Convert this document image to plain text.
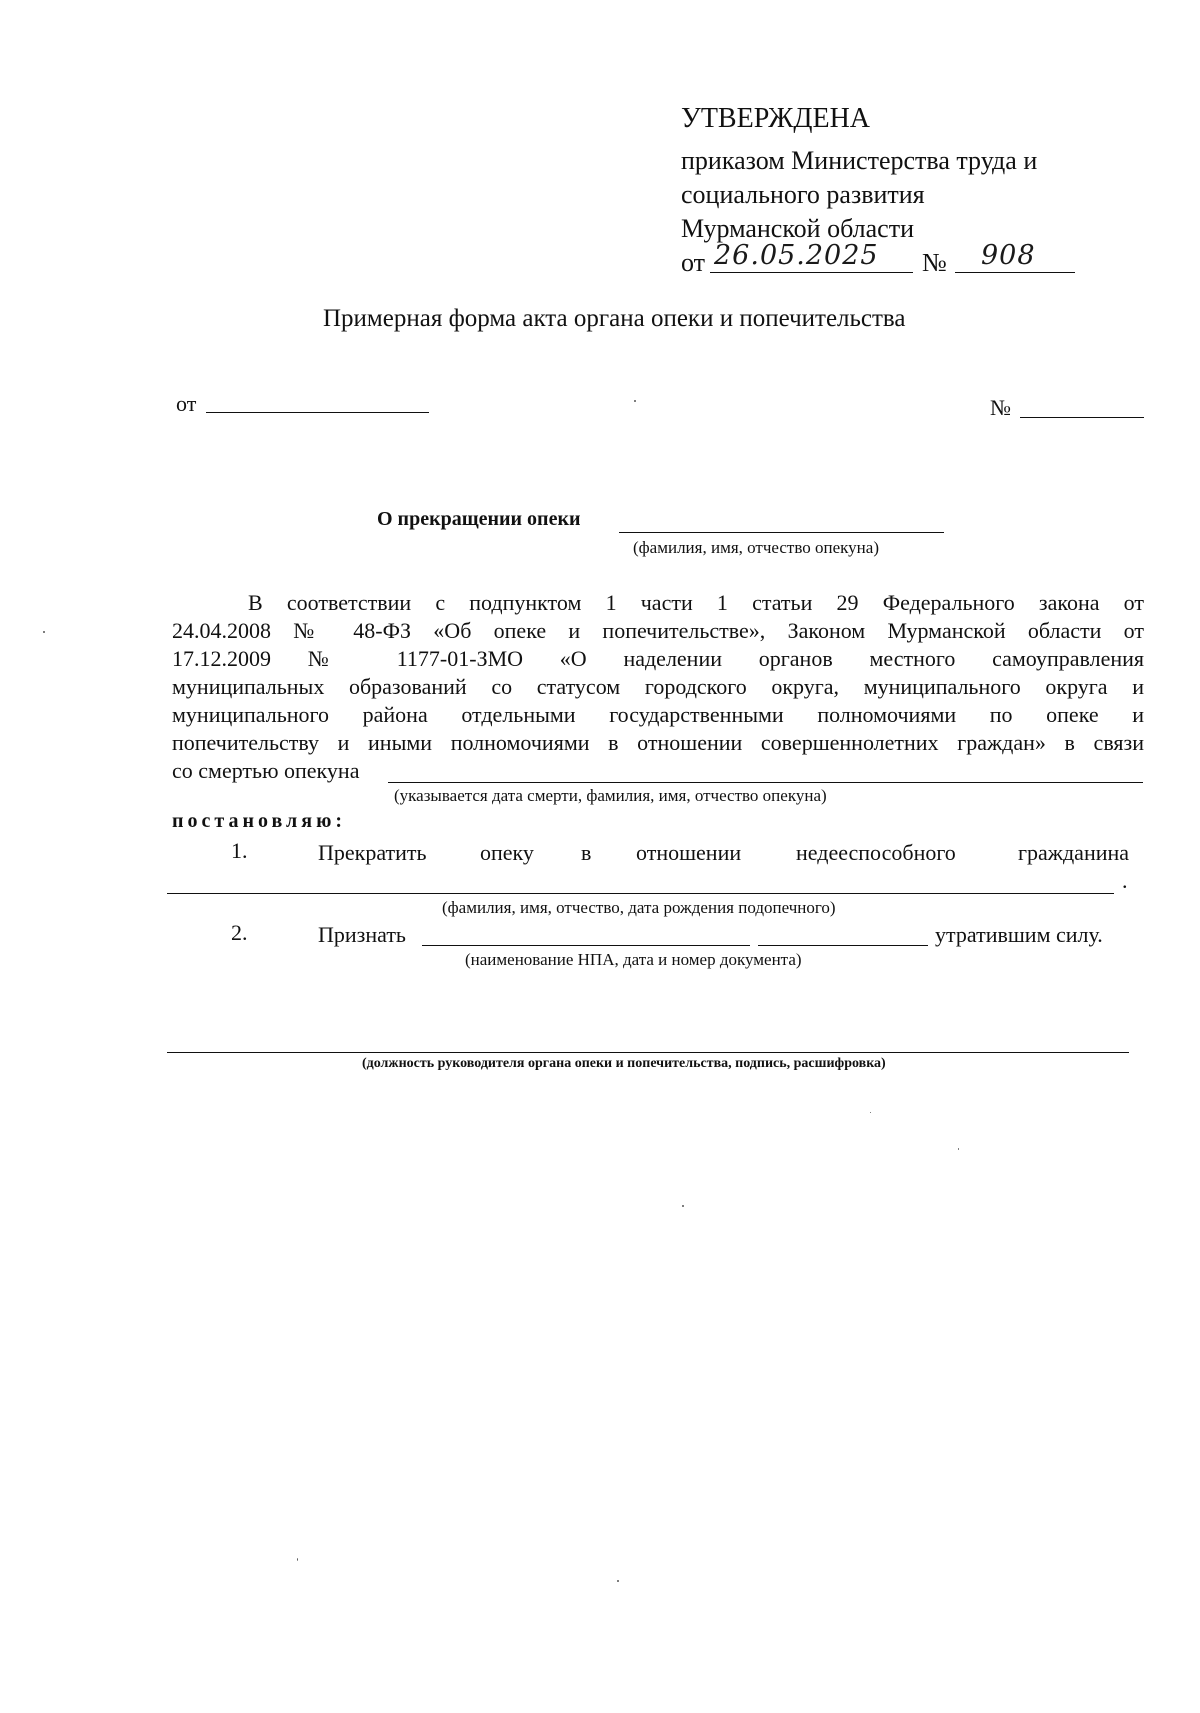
УТВЕРЖДЕНА
приказом Министерства труда и
социального развития
Мурманской области
от 26.05.2025 № 908
Примерная форма акта органа опеки и попечительства
от	№
О прекращении опеки
(фамилия, имя, отчество опекуна)
В соответствии с подпунктом 1 части 1 статьи 29 Федерального закона от
24.04.2008 № 48-ФЗ «Об опеке и попечительстве», Законом Мурманской области от
17.12.2009 № 1177-01-ЗМО «О наделении органов местного самоуправления
муниципальных образований со статусом городского округа, муниципального округа и
муниципального района отдельными государственными полномочиями по опеке и
попечительству и иными полномочиями в отношении совершеннолетних граждан» в связи
со смертью опекуна
(указывается дата смерти, фамилия, имя, отчество опекуна)
постановляю:
1.	Прекратить опеку в отношении недееспособного	гражданина
.
(фамилия, имя, отчество, дата рождения подопечного)
2.	Признать	утратившим силу.
(наименование НПА, дата и номер документа)
(должность руководителя органа опеки и попечительства, подпись, расшифровка)
